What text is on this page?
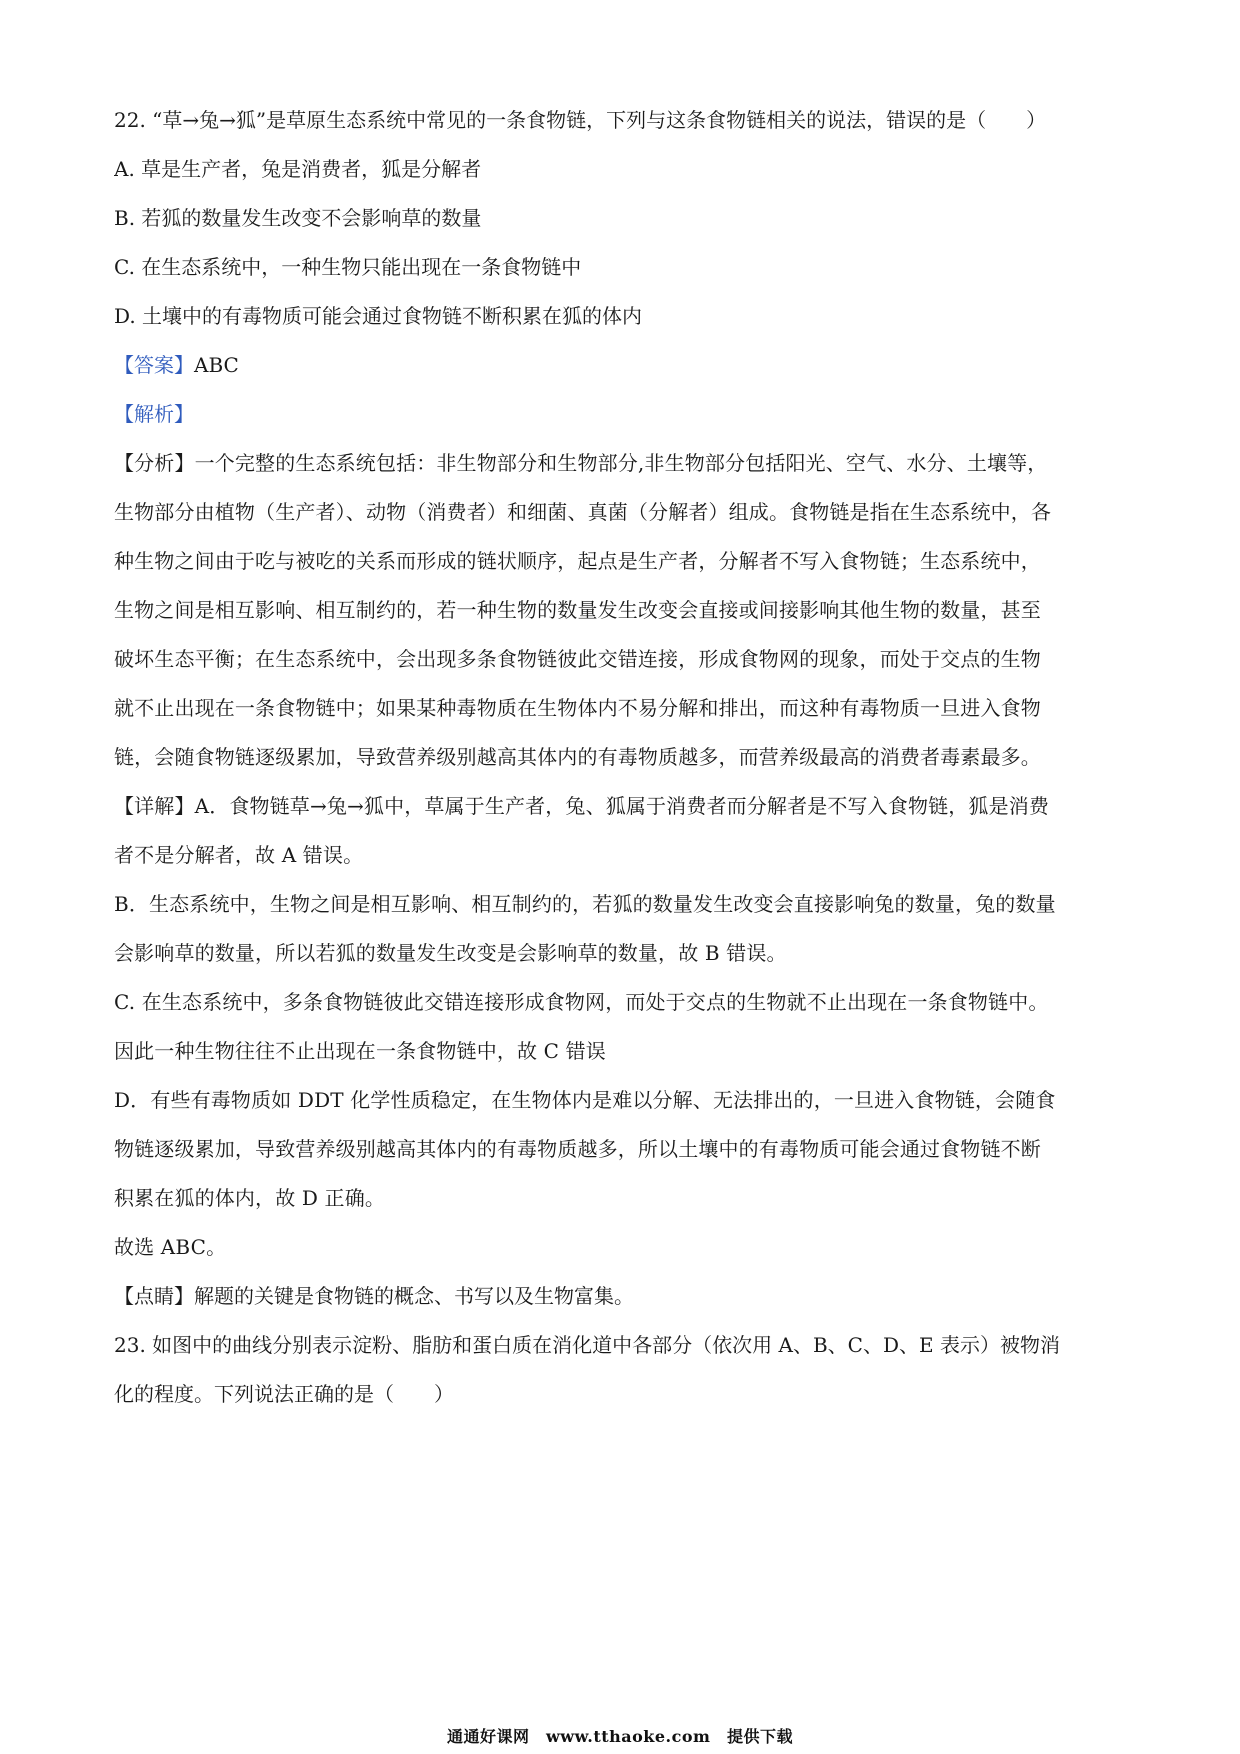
22. “草→兔→狐”是草原生态系统中常见的一条食物链，下列与这条食物链相关的说法，错误的是（　　）
A. 草是生产者，兔是消费者，狐是分解者
B. 若狐的数量发生改变不会影响草的数量
C. 在生态系统中，一种生物只能出现在一条食物链中
D. 土壤中的有毒物质可能会通过食物链不断积累在狐的体内
【答案】ABC
【解析】
【分析】一个完整的生态系统包括：非生物部分和生物部分,非生物部分包括阳光、空气、水分、土壤等，
生物部分由植物（生产者）、动物（消费者）和细菌、真菌（分解者）组成。食物链是指在生态系统中，各
种生物之间由于吃与被吃的关系而形成的链状顺序，起点是生产者，分解者不写入食物链；生态系统中，
生物之间是相互影响、相互制约的，若一种生物的数量发生改变会直接或间接影响其他生物的数量，甚至
破坏生态平衡；在生态系统中，会出现多条食物链彼此交错连接，形成食物网的现象，而处于交点的生物
就不止出现在一条食物链中；如果某种毒物质在生物体内不易分解和排出，而这种有毒物质一旦进入食物
链，会随食物链逐级累加，导致营养级别越高其体内的有毒物质越多，而营养级最高的消费者毒素最多。
【详解】A．食物链草→兔→狐中，草属于生产者，兔、狐属于消费者而分解者是不写入食物链，狐是消费
者不是分解者，故 A 错误。
B．生态系统中，生物之间是相互影响、相互制约的，若狐的数量发生改变会直接影响兔的数量，兔的数量
会影响草的数量，所以若狐的数量发生改变是会影响草的数量，故 B 错误。
C. 在生态系统中，多条食物链彼此交错连接形成食物网，而处于交点的生物就不止出现在一条食物链中。
因此一种生物往往不止出现在一条食物链中，故 C 错误
D．有些有毒物质如 DDT 化学性质稳定，在生物体内是难以分解、无法排出的，一旦进入食物链，会随食
物链逐级累加，导致营养级别越高其体内的有毒物质越多，所以土壤中的有毒物质可能会通过食物链不断
积累在狐的体内，故 D 正确。
故选 ABC。
【点睛】解题的关键是食物链的概念、书写以及生物富集。
23. 如图中的曲线分别表示淀粉、脂肪和蛋白质在消化道中各部分（依次用 A、B、C、D、E 表示）被物消
化的程度。下列说法正确的是（　　）
通通好课网　www.tthaoke.com　提供下载
